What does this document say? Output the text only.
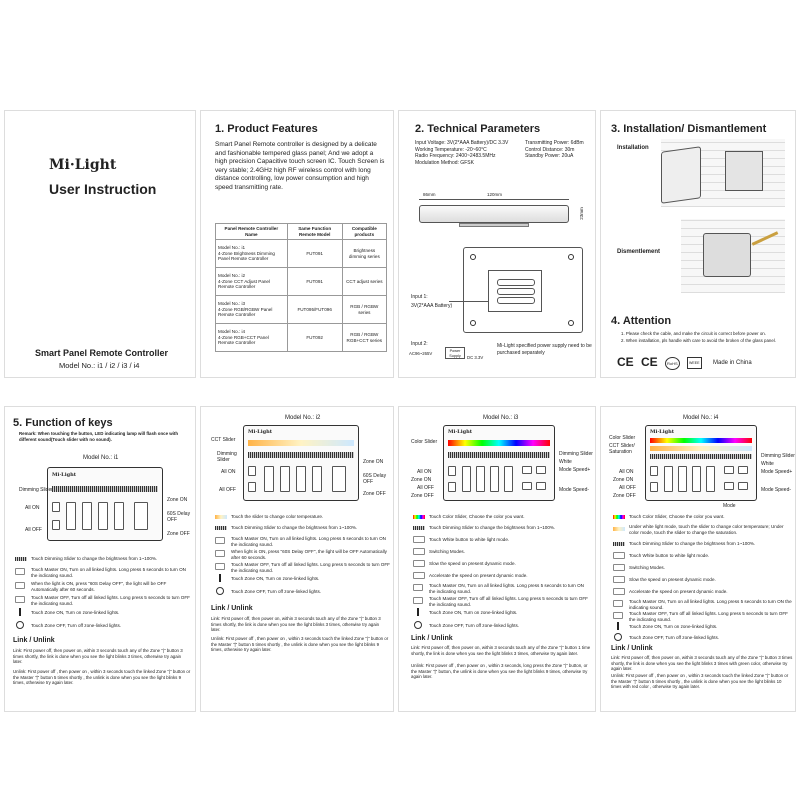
Mi·Light
User Instruction
Smart Panel Remote Controller
Model No.: i1 / i2 / i3 / i4
1. Product Features
Smart Panel Remote controller is designed by a delicate and fashionable tempered glass panel; And we adopt a high precision Capacitive touch screen IC. Touch Screen is very stable; 2.4GHz high RF wireless control with long distance controlling, low power consumption and high speed transmitting rate.
Panel Remote Controller Name	Same Function Remote Model	Compatible products
Model No.: i1
4-Zone Brightness Dimming Panel Remote Controller	FUT091	Brightness dimming series
Model No.: i2
4-Zone CCT Adjust Panel Remote Controller	FUT091	CCT adjust series
Model No.: i3
4-Zone RGB/RGBW Panel Remote Controller	FUT095/FUT096	RGB / RGBW series
Model No.: i4
4-Zone RGB+CCT Panel Remote Controller	FUT092	RGB / RGBW
RGB+CCT series
2. Technical Parameters
Input Voltage: 3V(2*AAA Battery)/DC 3.3V
Working Temperature: -20~60°C
Radio Frequency: 2400~2483.5MHz
Modulation Method: GFSK
Transmitting Power: 6dBm
Control Distance: 30m
Standby Power: 20uA
86mm	120mm
23mm
Input 1:
3V(2*AAA Battery)
Input 2:
AC96~265V	Power Supply	DC 3.3V
Mi-Light specified power supply need to be purchased separately
3. Installation/ Dismantlement
Installation
Dismentlement
4. Attention
1. Please check the cable, and make the circuit is correct before power on.
2. When installation, pls handle with care to avoid the broken of the glass panel.
CE CE	RoHS	WEEE	Made in China
5. Function of keys
Remark: When touching the button, LED indicating lamp will flash once with different sound(Touch slider with no sound).
Model No.: i1
Mi·Light
Dimming Slider
All ON
All OFF
Zone ON
60S Delay OFF
Zone OFF
Touch Dimming Slider to change the brightness from 1~100%.
Touch Master ON, Turn on all linked lights. Long press 5 seconds to turn ON the indicating sound.
When the light is ON, press "60S Delay OFF", the light will be OFF Automatically after 60 seconds.
Touch Master OFF, Turn off all linked lights. Long press 5 seconds to turn OFF the indicating sound.
Touch Zone ON, Turn on zone-linked lights.
Touch Zone OFF, Turn off zone-linked lights.
Link / Unlink
Link: First power off, then power on, within 3 seconds touch any of the Zone "|" button 3 times shortly, the link is done when you see the light blinks 3 times, otherwise try again later.
Unlink: First power off , then power on , within 3 seconds touch the linked Zone "|" button or the Master "|" button 5 times shortly , the unlink is done when you see the light blinks 9 times, otherwise try again later.
Model No.: i2
Mi·Light
CCT Slider
Dimming Slider
All ON
All OFF
Zone ON
60S Delay OFF
Zone OFF
Touch the slider to change color temperature.
Touch Dimming Slider to change the brightness from 1~100%.
Touch Master ON, Turn on all linked lights. Long press 5 seconds to turn ON the indicating sound.
When light is ON, press "60S Delay OFF", the light will be OFF Automatically after 60 seconds.
Touch Master OFF, Turn off all linked lights. Long press 5 seconds to turn OFF the indicating sound.
Touch Zone ON, Turn on zone-linked lights.
Touch Zone OFF, Turn off zone-linked lights.
Link / Unlink
Link: First power off, then power on, within 3 seconds touch any of the Zone "|" button 3 times shortly, the link is done when you see the light blinks 3 times, otherwise try again later.
Unlink: First power off , then power on , within 3 seconds touch the linked Zone "|" button or the Master "|" button 5 times shortly , the unlink is done when you see the light blinks 9 times, otherwise try again later.
Model No.: i3
Mi·Light
Color Slider
Dimming Slider
White
Mode Speed+
All ON
Mode Speed-
Zone ON
Zone OFF
All OFF
Touch Color Slider, Choose the color you want.
Touch Dimming Slider to change the brightness from 1~100%.
Touch White button to white light mode.
Switching Modes.
Slow the speed on present dynamic mode.
Accelerate the speed on present dynamic mode.
Touch Master ON, Turn on all linked lights. Long press 5 seconds to turn ON the indicating sound.
Touch Master OFF, Turn off all linked lights. Long press 5 seconds to turn OFF the indicating sound.
Touch Zone ON, Turn on zone-linked lights.
Touch Zone OFF, Turn off zone-linked lights.
Link / Unlink
Link: First power off, then power on, within 3 seconds touch any of the Zone "|" button 1 time shortly, the link is done when you see the light blinks 3 times, otherwise try again later.
Unlink: First power off , then power on , within 3 seconds, long press the Zone "|" button, or the Master "|" button, the unlink is done when you see the light blinks 9 times, otherwise try again later.
Model No.: i4
Mi·Light
Color Slider
CCT Slider/ Saturation
Dimming Slider
White
Mode Speed+
All ON
Mode Speed-
All OFF
Zone ON
Zone OFF
Mode
Touch Color Slider, Choose the color you want.
Under white light mode, touch the slider to change color temperature; Under color mode, touch the slider to change the saturation.
Touch Dimming Slider to change the brightness from 1~100%.
Touch White button to white light mode.
Switching Modes.
Slow the speed on present dynamic mode.
Accelerate the speed on present dynamic mode.
Touch Master ON, Turn on all linked lights. Long press 5 seconds to turn ON the indicating sound.
Touch Master OFF, Turn off all linked lights. Long press 5 seconds to turn OFF the indicating sound.
Touch Zone ON, Turn on zone-linked lights.
Touch Zone OFF, Turn off zone-linked lights.
Link / Unlink
Link: First power off, then power on, within 3 seconds touch any of the Zone "|" button 3 times shortly, the link is done when you see the light blinks 3 times with green color, otherwise try again later.
Unlink: First power off , then power on , within 3 seconds touch the linked Zone "|" button or the Master "|" button 5 times shortly , the unlink is done when you see the light blinks 10 times with red color , otherwise try again later.
